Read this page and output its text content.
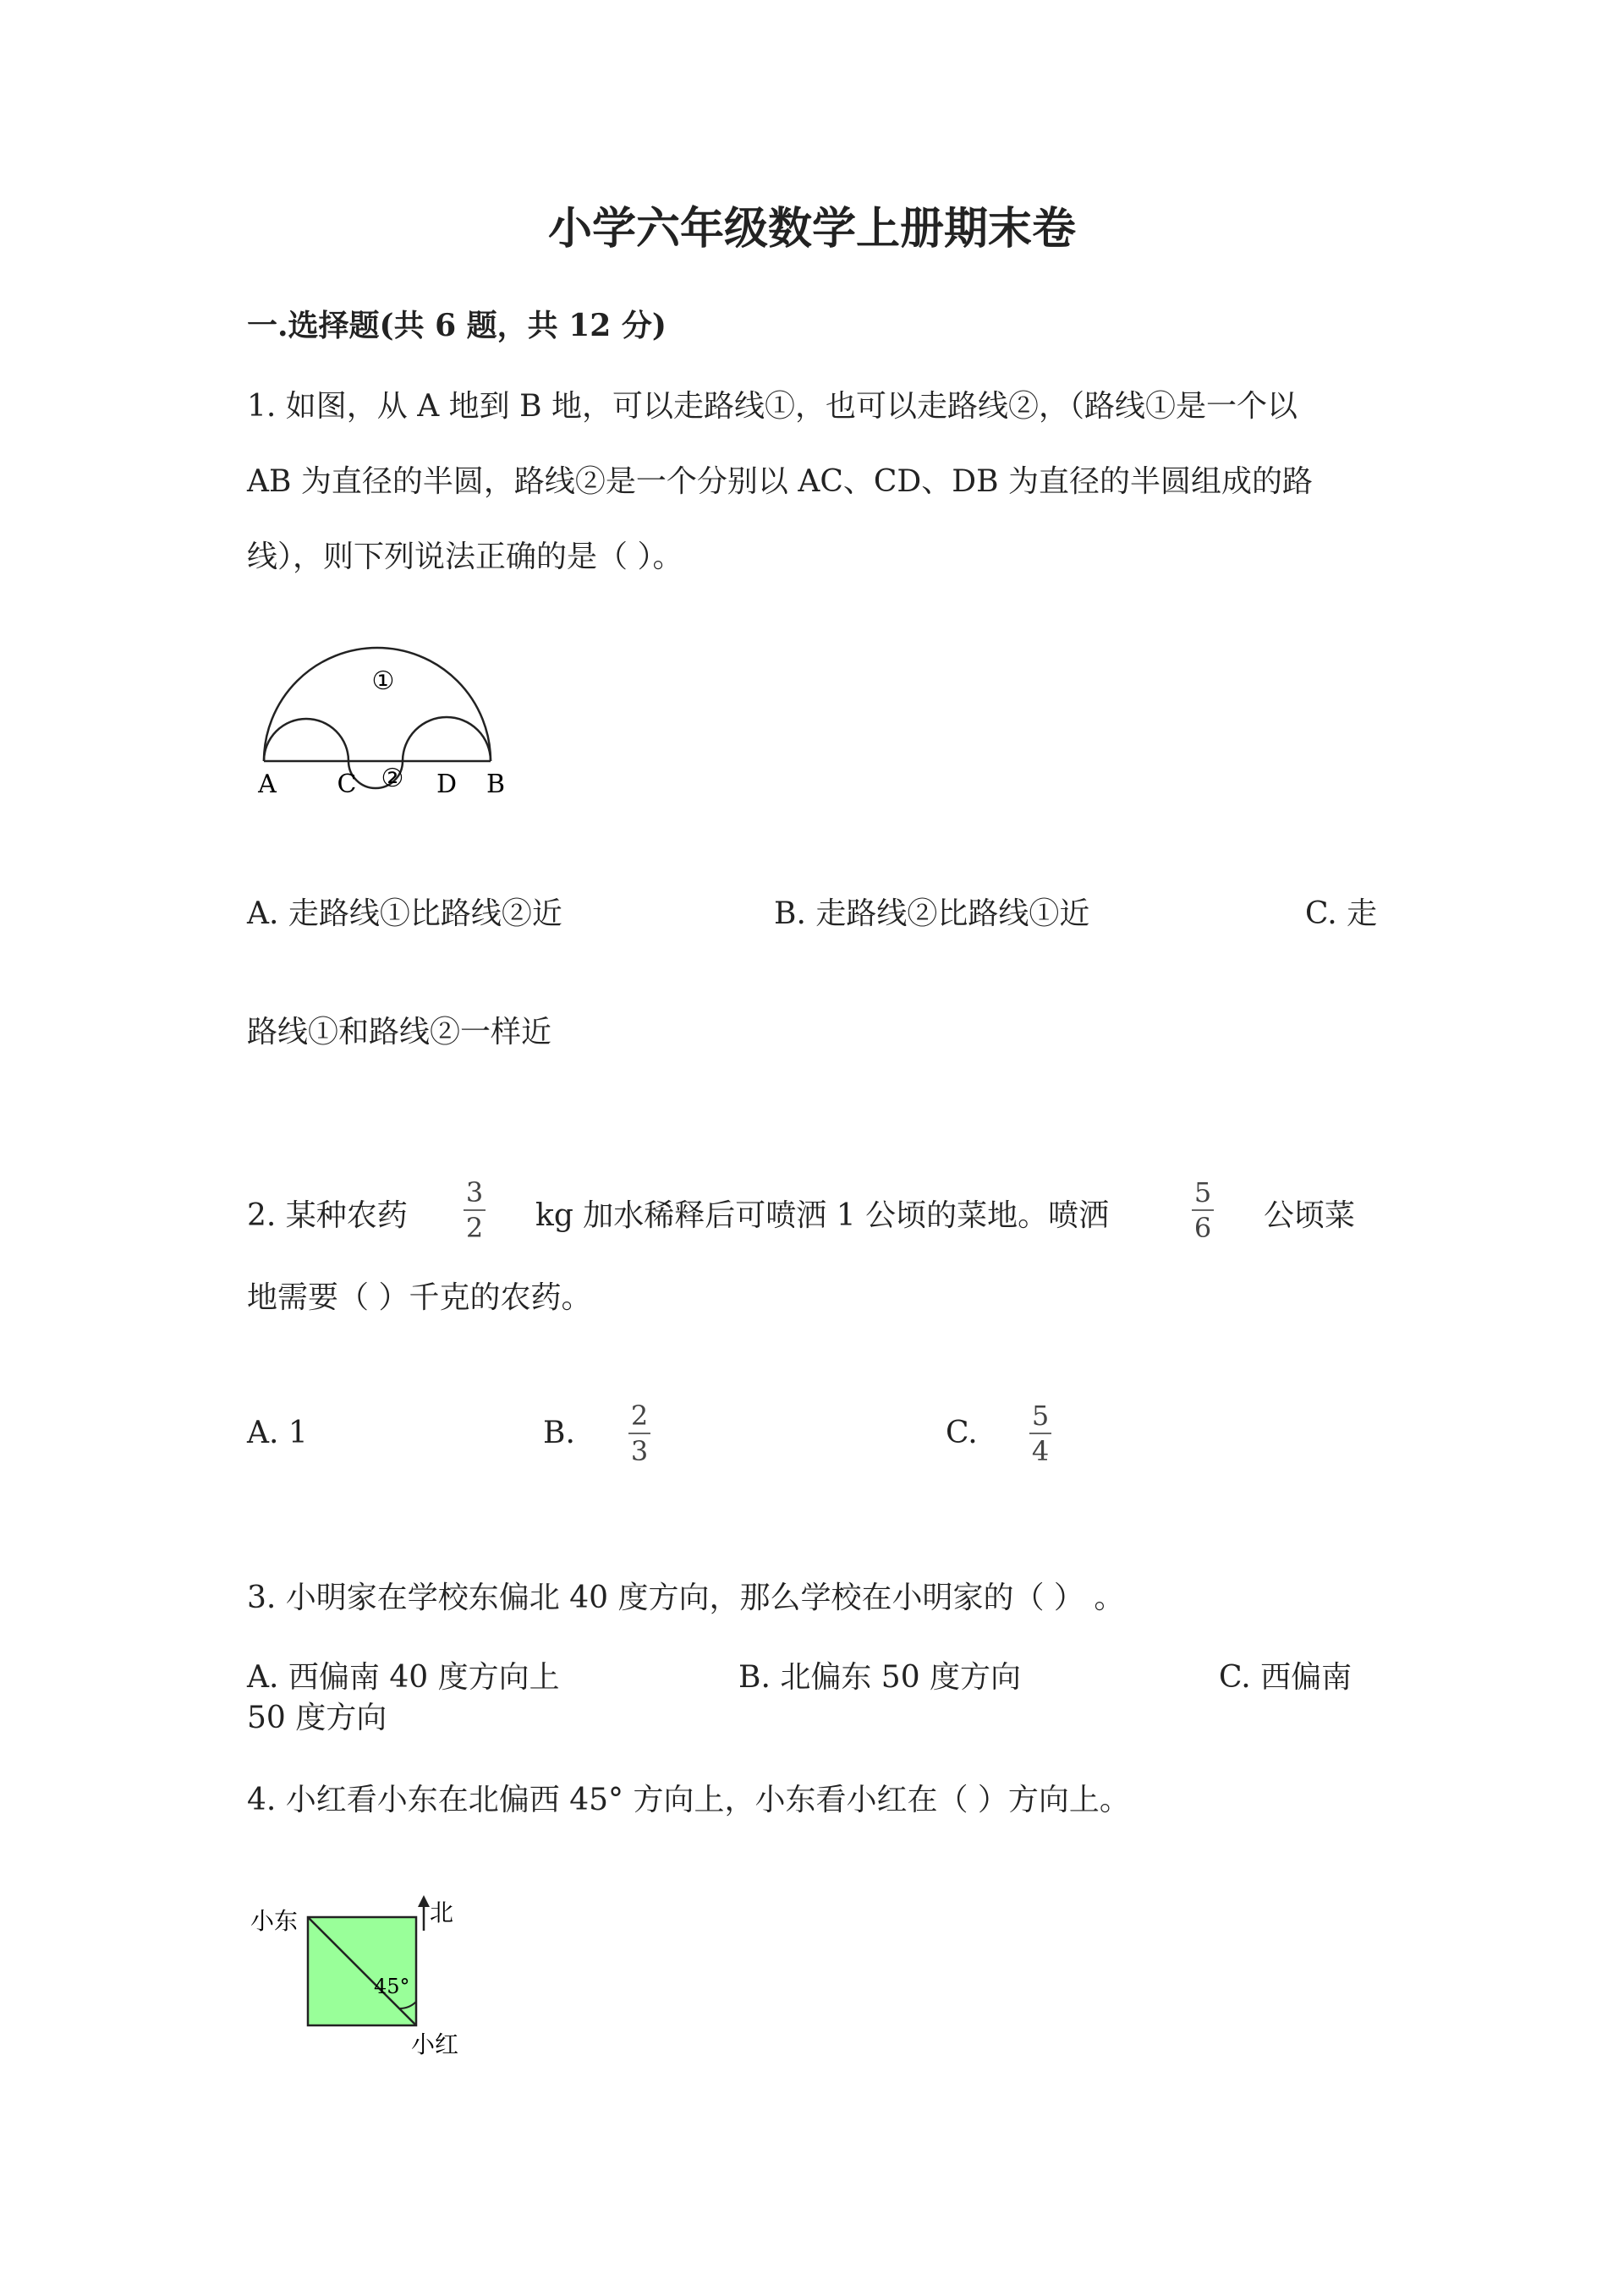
小学六年级数学上册期末卷
一.选择题(共 6 题，共 12 分)
1. 如图，从 A 地到 B 地，可以走路线①，也可以走路线②，（路线①是一个以
AB 为直径的半圆，路线②是一个分别以 AC、CD、DB 为直径的半圆组成的路
线），则下列说法正确的是（ ）。
①
②
A C	D B
A. 走路线①比路线②近	B. 走路线②比路线①近	C. 走
路线①和路线②一样近
2. 某种农药
3
2 kg 加水稀释后可喷洒 1 公顷的菜地。喷洒
5
6 公顷菜
地需要（ ）千克的农药。
A. 1	B. 2
3
C. 5
4
3. 小明家在学校东偏北 40 度方向，那么学校在小明家的（ ） 。
A. 西偏南 40 度方向上	B. 北偏东 50 度方向	C. 西偏南
50 度方向
4. 小红看小东在北偏西 45° 方向上，小东看小红在（ ）方向上。
小东	北
45°
小红
